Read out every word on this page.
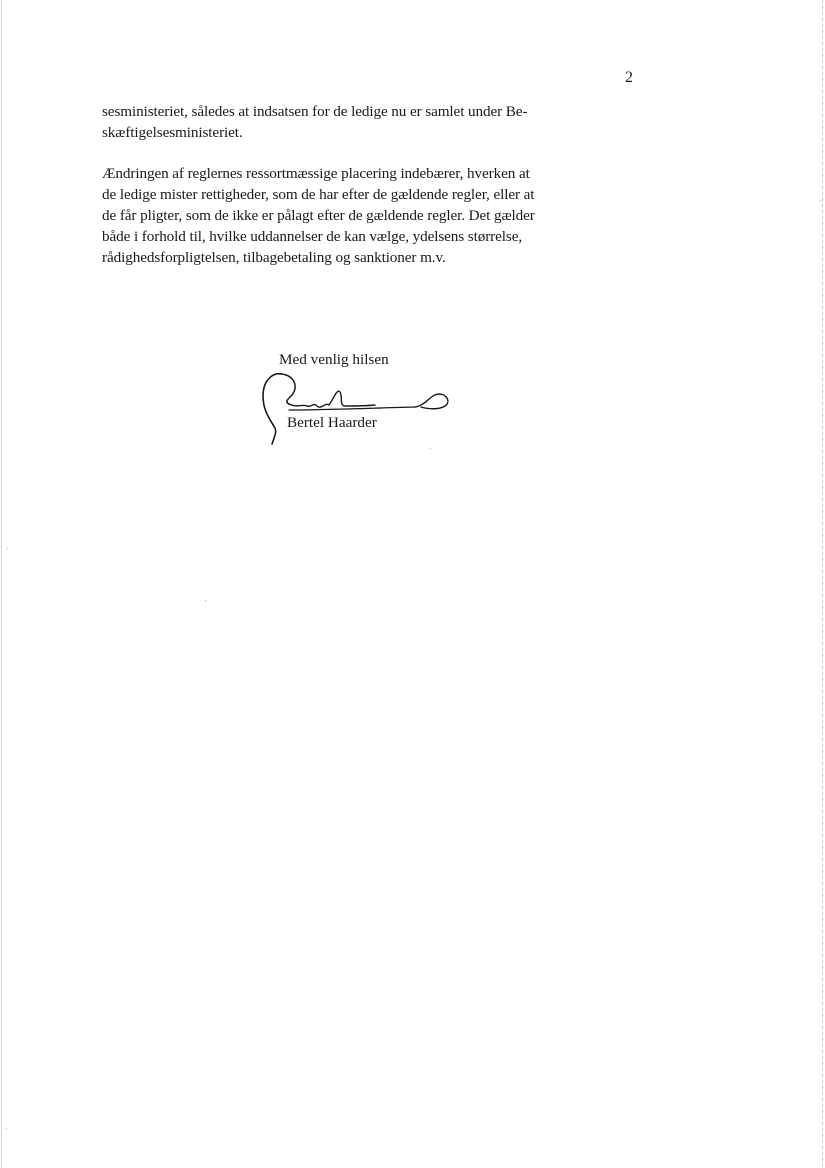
2

sesministeriet, således at indsatsen for de ledige nu er samlet under Be-
skæftigelsesministeriet.

Ændringen af reglernes ressortmæssige placering indebærer, hverken at
de ledige mister rettigheder, som de har efter de gældende regler, eller at
de får pligter, som de ikke er pålagt efter de gældende regler. Det gælder
både i forhold til, hvilke uddannelser de kan vælge, ydelsens størrelse,
rådighedsforpligtelsen, tilbagebetaling og sanktioner m.v.

Med venlig hilsen
Bertel Haarder
